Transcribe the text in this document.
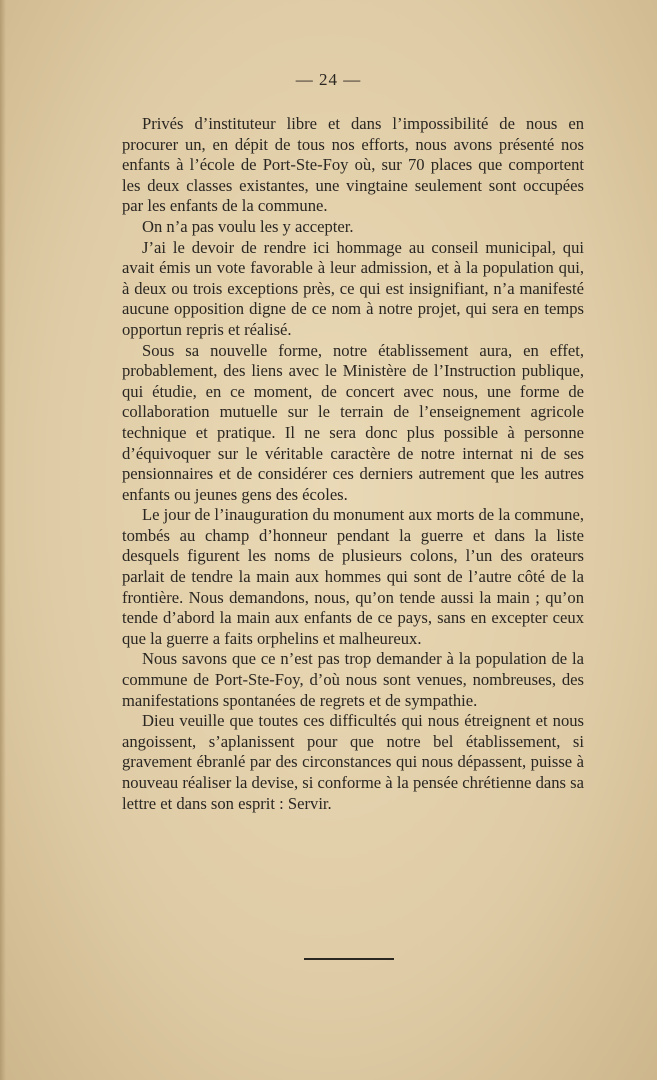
— 24 —

Privés d’instituteur libre et dans l’impossibilité de nous en procurer un, en dépit de tous nos efforts, nous avons présenté nos enfants à l’école de Port-Ste-Foy où, sur 70 places que comportent les deux classes existantes, une vingtaine seulement sont occupées par les enfants de la commune.

On n’a pas voulu les y accepter.

J’ai le devoir de rendre ici hommage au conseil municipal, qui avait émis un vote favorable à leur admission, et à la population qui, à deux ou trois exceptions près, ce qui est insignifiant, n’a manifesté aucune opposition digne de ce nom à notre projet, qui sera en temps opportun repris et réalisé.

Sous sa nouvelle forme, notre établissement aura, en effet, probablement, des liens avec le Ministère de l’Instruction publique, qui étudie, en ce moment, de concert avec nous, une forme de collaboration mutuelle sur le terrain de l’enseignement agricole technique et pratique. Il ne sera donc plus possible à personne d’équivoquer sur le véritable caractère de notre internat ni de ses pensionnaires et de considérer ces derniers autrement que les autres enfants ou jeunes gens des écoles.

Le jour de l’inauguration du monument aux morts de la commune, tombés au champ d’honneur pendant la guerre et dans la liste desquels figurent les noms de plusieurs colons, l’un des orateurs parlait de tendre la main aux hommes qui sont de l’autre côté de la frontière. Nous demandons, nous, qu’on tende aussi la main ; qu’on tende d’abord la main aux enfants de ce pays, sans en excepter ceux que la guerre a faits orphelins et malheureux.

Nous savons que ce n’est pas trop demander à la population de la commune de Port-Ste-Foy, d’où nous sont venues, nombreuses, des manifestations spontanées de regrets et de sympathie.

Dieu veuille que toutes ces difficultés qui nous étreignent et nous angoissent, s’aplanissent pour que notre bel établissement, si gravement ébranlé par des circonstances qui nous dépassent, puisse à nouveau réaliser la devise, si conforme à la pensée chrétienne dans sa lettre et dans son esprit : Servir.
